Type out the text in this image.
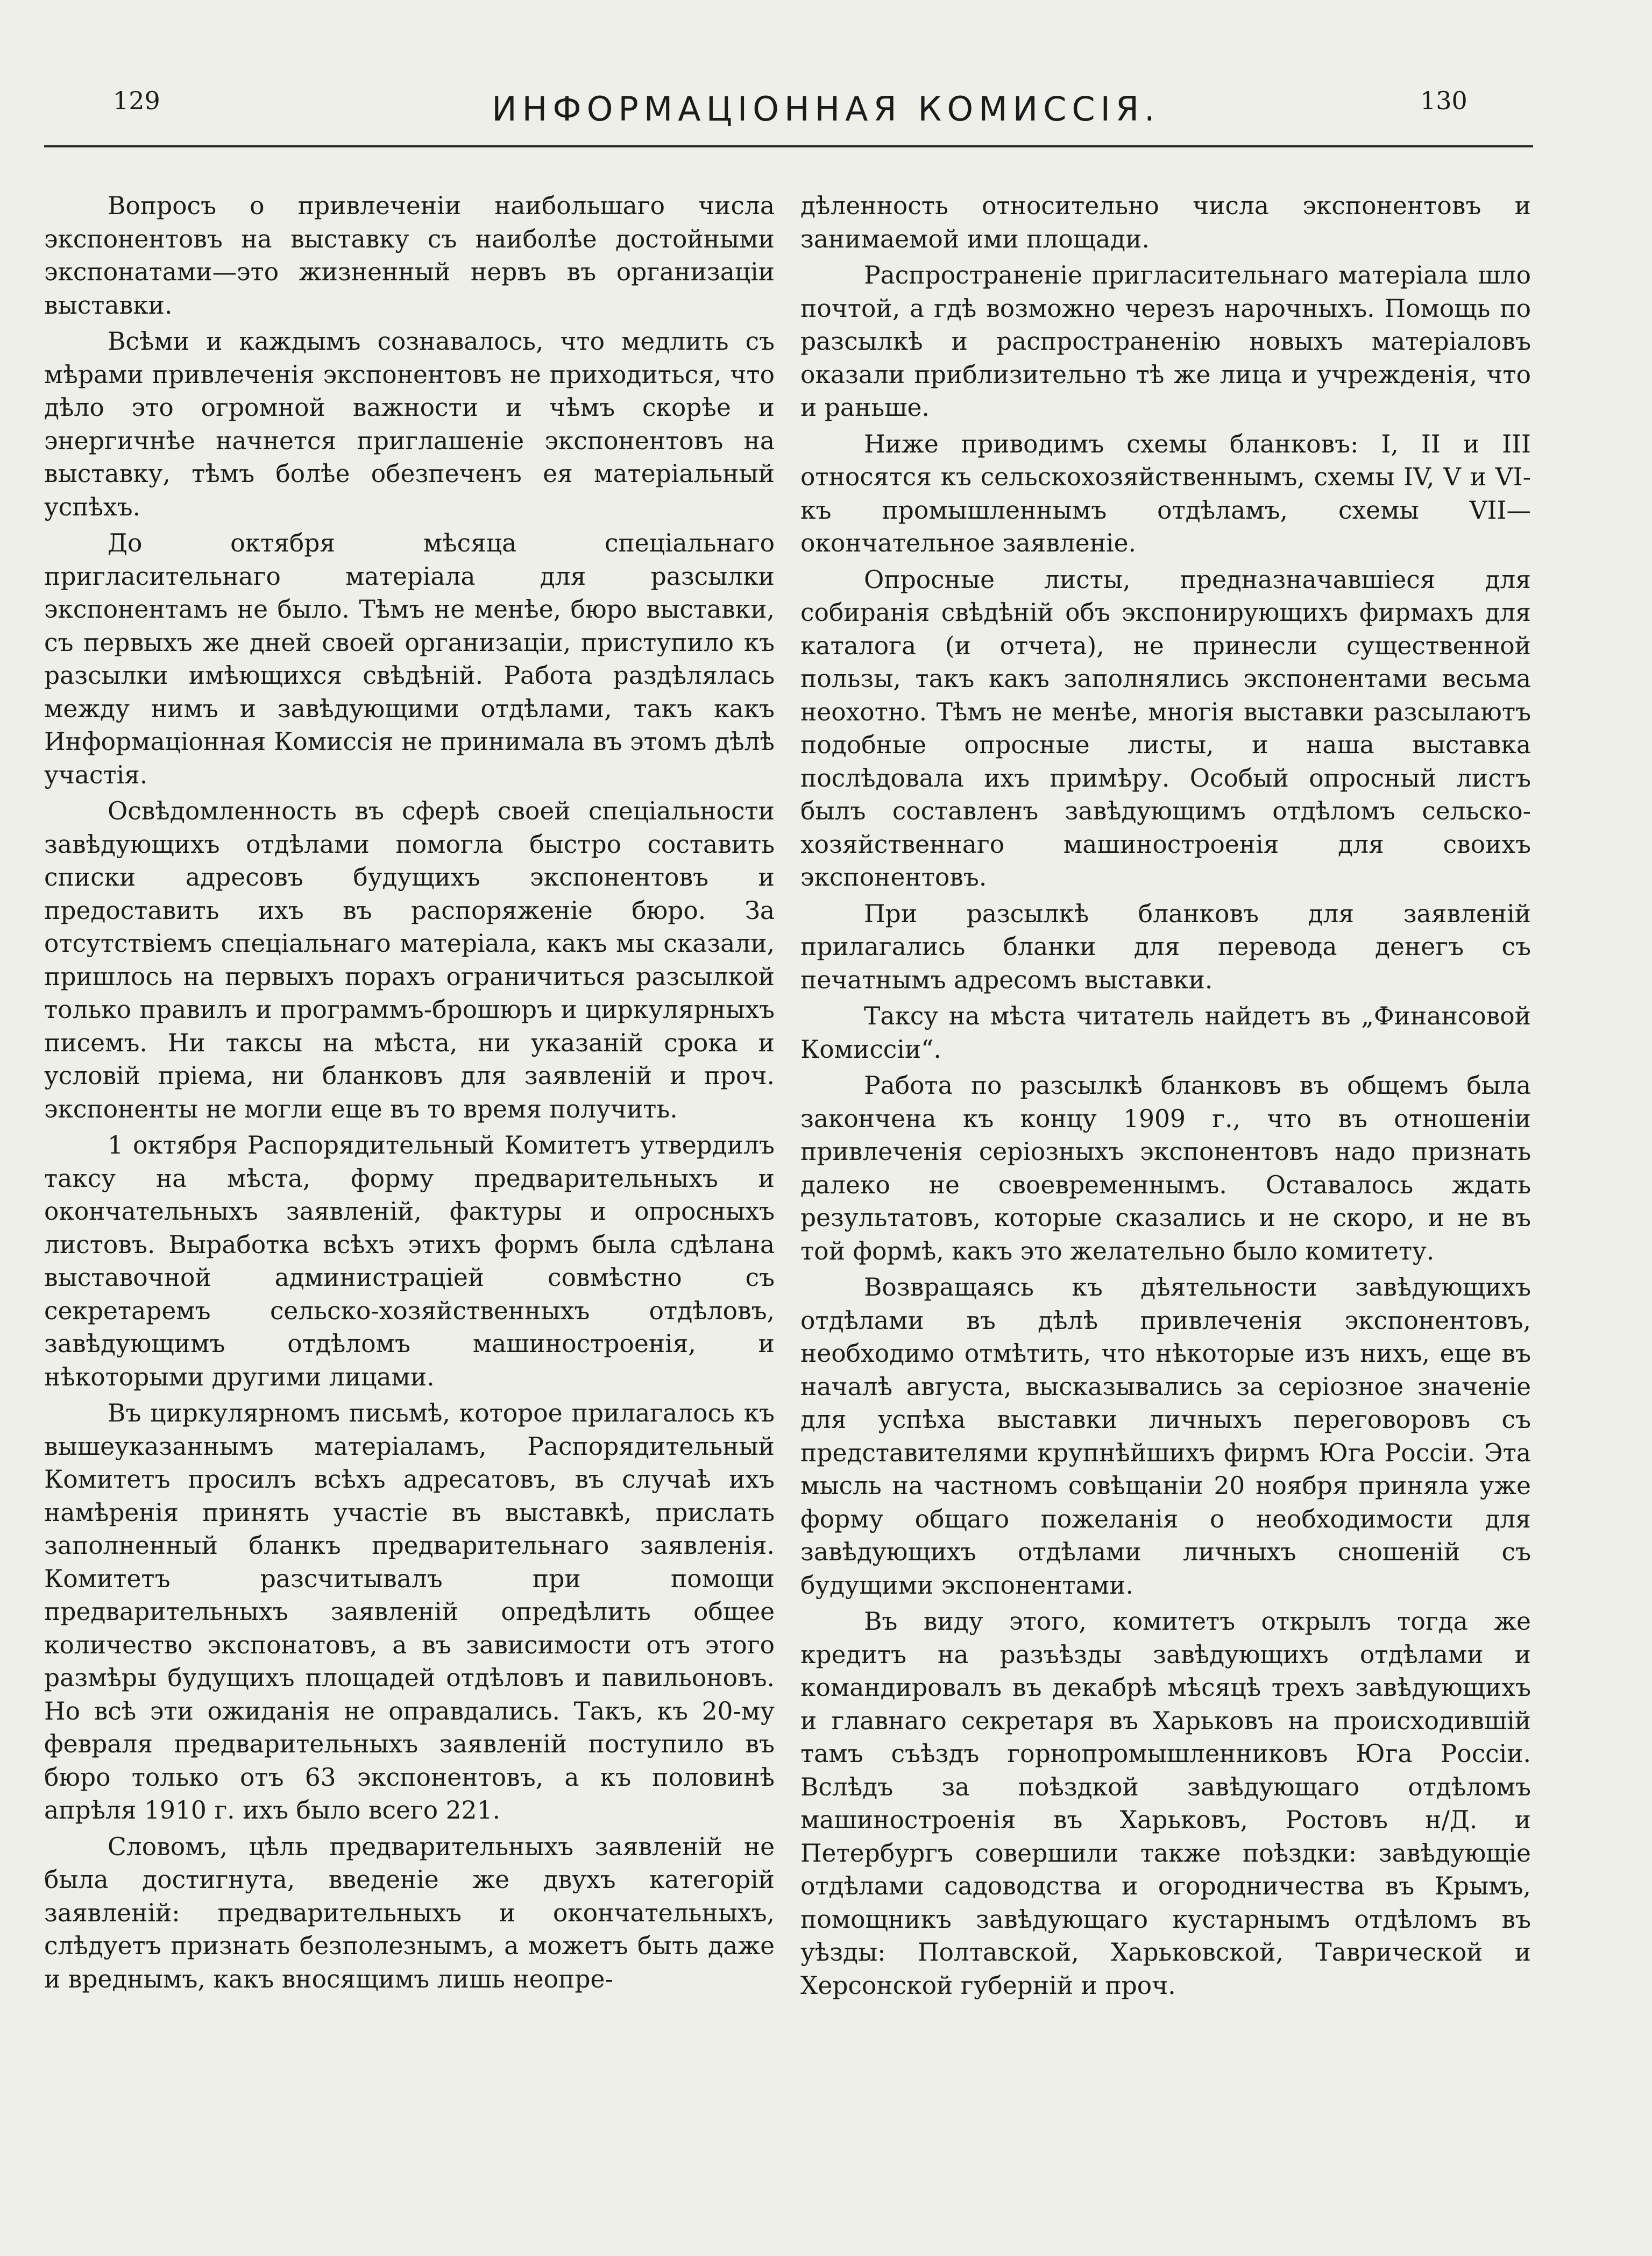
129	ИНФОРМАЦІОННАЯ КОМИССІЯ.	130

Вопросъ о привлеченіи наибольшаго числа экспонентовъ на выставку съ наиболѣе достойными экспонатами—это жизненный нервъ въ организаціи выставки.

Всѣми и каждымъ сознавалось, что медлить съ мѣрами привлеченія экспонентовъ не приходиться, что дѣло это огромной важности и чѣмъ скорѣе и энергичнѣе начнется приглашеніе экспонентовъ на выставку, тѣмъ болѣе обезпеченъ ея матеріальный успѣхъ.

До октября мѣсяца спеціальнаго пригласительнаго матеріала для разсылки экспонентамъ не было. Тѣмъ не менѣе, бюро выставки, съ первыхъ же дней своей организаціи, приступило къ разсылки имѣющихся свѣдѣній. Работа раздѣлялась между нимъ и завѣдующими отдѣлами, такъ какъ Информаціонная Комиссія не принимала въ этомъ дѣлѣ участія.

Освѣдомленность въ сферѣ своей спеціальности завѣдующихъ отдѣлами помогла быстро составить списки адресовъ будущихъ экспонентовъ и предоставить ихъ въ распоряженіе бюро. За отсутствіемъ спеціальнаго матеріала, какъ мы сказали, пришлось на первыхъ порахъ ограничиться разсылкой только правилъ и программъ-брошюръ и циркулярныхъ писемъ. Ни таксы на мѣста, ни указаній срока и условій пріема, ни бланковъ для заявленій и проч. экспоненты не могли еще въ то время получить.

1 октября Распорядительный Комитетъ утвердилъ таксу на мѣста, форму предварительныхъ и окончательныхъ заявленій, фактуры и опросныхъ листовъ. Выработка всѣхъ этихъ формъ была сдѣлана выставочной администраціей совмѣстно съ секретаремъ сельско-хозяйственныхъ отдѣловъ, завѣдующимъ отдѣломъ машиностроенія, и нѣкоторыми другими лицами.

Въ циркулярномъ письмѣ, которое прилагалось къ вышеуказаннымъ матеріаламъ, Распорядительный Комитетъ просилъ всѣхъ адресатовъ, въ случаѣ ихъ намѣренія принять участіе въ выставкѣ, прислать заполненный бланкъ предварительнаго заявленія. Комитетъ разсчитывалъ при помощи предварительныхъ заявленій опредѣлить общее количество экспонатовъ, а въ зависимости отъ этого размѣры будущихъ площадей отдѣловъ и павильоновъ. Но всѣ эти ожиданія не оправдались. Такъ, къ 20-му февраля предварительныхъ заявленій поступило въ бюро только отъ 63 экспонентовъ, а къ половинѣ апрѣля 1910 г. ихъ было всего 221.

Словомъ, цѣль предварительныхъ заявленій не была достигнута, введеніе же двухъ категорій заявленій: предварительныхъ и окончательныхъ, слѣдуетъ признать безполезнымъ, а можетъ быть даже и вреднымъ, какъ вносящимъ лишь неопре-

дѣленность относительно числа экспонентовъ и занимаемой ими площади.

Распространеніе пригласительнаго матеріала шло почтой, а гдѣ возможно черезъ нарочныхъ. Помощь по разсылкѣ и распространенію новыхъ матеріаловъ оказали приблизительно тѣ же лица и учрежденія, что и раньше.

Ниже приводимъ схемы бланковъ: I, II и III относятся къ сельскохозяйственнымъ, схемы IV, V и VI-къ промышленнымъ отдѣламъ, схемы VII—окончательное заявленіе.

Опросные листы, предназначавшіеся для собиранія свѣдѣній объ экспонирующихъ фирмахъ для каталога (и отчета), не принесли существенной пользы, такъ какъ заполнялись экспонентами весьма неохотно. Тѣмъ не менѣе, многія выставки разсылаютъ подобные опросные листы, и наша выставка послѣдовала ихъ примѣру. Особый опросный листъ былъ составленъ завѣдующимъ отдѣломъ сельско-хозяйственнаго машиностроенія для своихъ экспонентовъ.

При разсылкѣ бланковъ для заявленій прилагались бланки для перевода денегъ съ печатнымъ адресомъ выставки.

Таксу на мѣста читатель найдетъ въ „Финансовой Комиссіи“.

Работа по разсылкѣ бланковъ въ общемъ была закончена къ концу 1909 г., что въ отношеніи привлеченія серіозныхъ экспонентовъ надо признать далеко не своевременнымъ. Оставалось ждать результатовъ, которые сказались и не скоро, и не въ той формѣ, какъ это желательно было комитету.

Возвращаясь къ дѣятельности завѣдующихъ отдѣлами въ дѣлѣ привлеченія экспонентовъ, необходимо отмѣтить, что нѣкоторые изъ нихъ, еще въ началѣ августа, высказывались за серіозное значеніе для успѣха выставки личныхъ переговоровъ съ представителями крупнѣйшихъ фирмъ Юга Россіи. Эта мысль на частномъ совѣщаніи 20 ноября приняла уже форму общаго пожеланія о необходимости для завѣдующихъ отдѣлами личныхъ сношеній съ будущими экспонентами.

Въ виду этого, комитетъ открылъ тогда же кредитъ на разъѣзды завѣдующихъ отдѣлами и командировалъ въ декабрѣ мѣсяцѣ трехъ завѣдующихъ и главнаго секретаря въ Харьковъ на происходившій тамъ съѣздъ горнопромышленниковъ Юга Россіи. Вслѣдъ за поѣздкой завѣдующаго отдѣломъ машиностроенія въ Харьковъ, Ростовъ н/Д. и Петербургъ совершили также поѣздки: завѣдующіе отдѣлами садоводства и огородничества въ Крымъ, помощникъ завѣдующаго кустарнымъ отдѣломъ въ уѣзды: Полтавской, Харьковской, Таврической и Херсонской губерній и проч.
